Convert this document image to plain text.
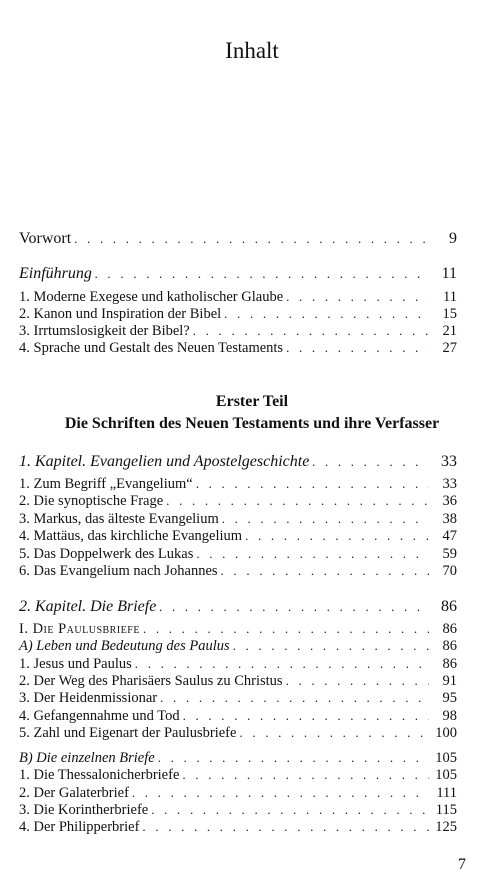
Inhalt
Vorwort . . .	9
Einführung . . .	11
1. Moderne Exegese und katholischer Glaube . . .	11
2. Kanon und Inspiration der Bibel . . .	15
3. Irrtumslosigkeit der Bibel? . . .	21
4. Sprache und Gestalt des Neuen Testaments . . .	27
Erster Teil
Die Schriften des Neuen Testaments und ihre Verfasser
1. Kapitel. Evangelien und Apostelgeschichte . . .	33
1. Zum Begriff „Evangelium“ . . .	33
2. Die synoptische Frage . . .	36
3. Markus, das älteste Evangelium . . .	38
4. Mattäus, das kirchliche Evangelium . . .	47
5. Das Doppelwerk des Lukas . . .	59
6. Das Evangelium nach Johannes . . .	70
2. Kapitel. Die Briefe . . .	86
I. Die Paulusbriefe . . .	86
A) Leben und Bedeutung des Paulus . . .	86
1. Jesus und Paulus . . .	86
2. Der Weg des Pharisäers Saulus zu Christus . . .	91
3. Der Heidenmissionar . . .	95
4. Gefangennahme und Tod . . .	98
5. Zahl und Eigenart der Paulusbriefe . . .	100
B) Die einzelnen Briefe . . .	105
1. Die Thessalonicherbriefe . . .	105
2. Der Galaterbrief . . .	111
3. Die Korintherbriefe . . .	115
4. Der Philipperbrief . . .	125
7
